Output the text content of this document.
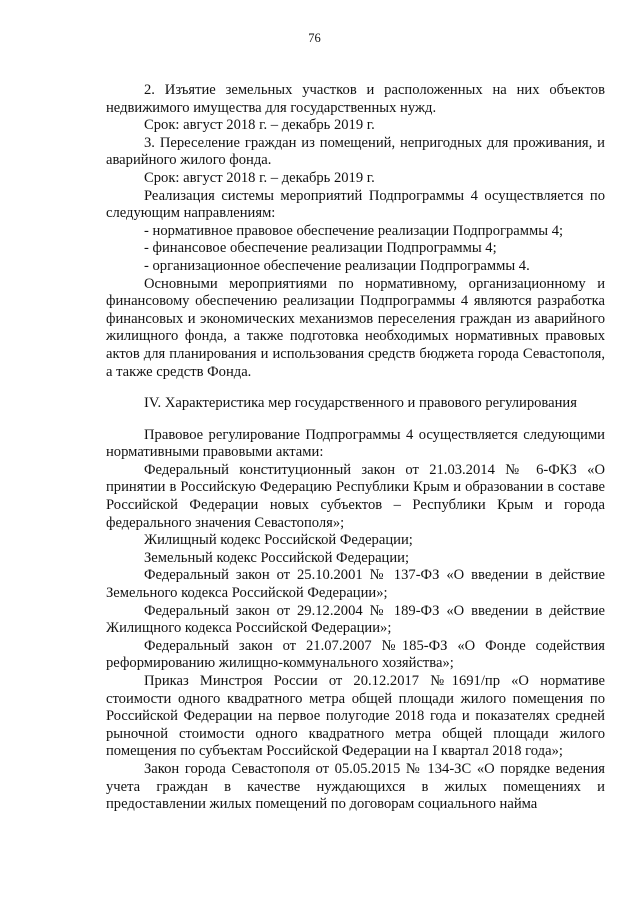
76

2. Изъятие земельных участков и расположенных на них объектов недвижимого имущества для государственных нужд.

Срок: август 2018 г. – декабрь 2019 г.

3. Переселение граждан из помещений, непригодных для проживания, и аварийного жилого фонда.

Срок: август 2018 г. – декабрь 2019 г.

Реализация системы мероприятий Подпрограммы 4 осуществляется по следующим направлениям:

- нормативное правовое обеспечение реализации Подпрограммы 4;

- финансовое обеспечение реализации Подпрограммы 4;

- организационное обеспечение реализации Подпрограммы 4.

Основными мероприятиями по нормативному, организационному и финансовому обеспечению реализации Подпрограммы 4 являются разработка финансовых и экономических механизмов переселения граждан из аварийного жилищного фонда, а также подготовка необходимых нормативных правовых актов для планирования и использования средств бюджета города Севастополя, а также средств Фонда.

IV. Характеристика мер государственного и правового регулирования

Правовое регулирование Подпрограммы 4 осуществляется следующими нормативными правовыми актами:

Федеральный конституционный закон от 21.03.2014 № 6-ФКЗ «О принятии в Российскую Федерацию Республики Крым и образовании в составе Российской Федерации новых субъектов – Республики Крым и города федерального значения Севастополя»;

Жилищный кодекс Российской Федерации;

Земельный кодекс Российской Федерации;

Федеральный закон от 25.10.2001 № 137-ФЗ «О введении в действие Земельного кодекса Российской Федерации»;

Федеральный закон от 29.12.2004 № 189-ФЗ «О введении в действие Жилищного кодекса Российской Федерации»;

Федеральный закон от 21.07.2007 №185-ФЗ «О Фонде содействия реформированию жилищно-коммунального хозяйства»;

Приказ Минстроя России от 20.12.2017 №1691/пр «О нормативе стоимости одного квадратного метра общей площади жилого помещения по Российской Федерации на первое полугодие 2018 года и показателях средней рыночной стоимости одного квадратного метра общей площади жилого помещения по субъектам Российской Федерации на I квартал 2018 года»;

Закон города Севастополя от 05.05.2015 № 134-ЗС «О порядке ведения учета граждан в качестве нуждающихся в жилых помещениях и предоставлении жилых помещений по договорам социального найма
